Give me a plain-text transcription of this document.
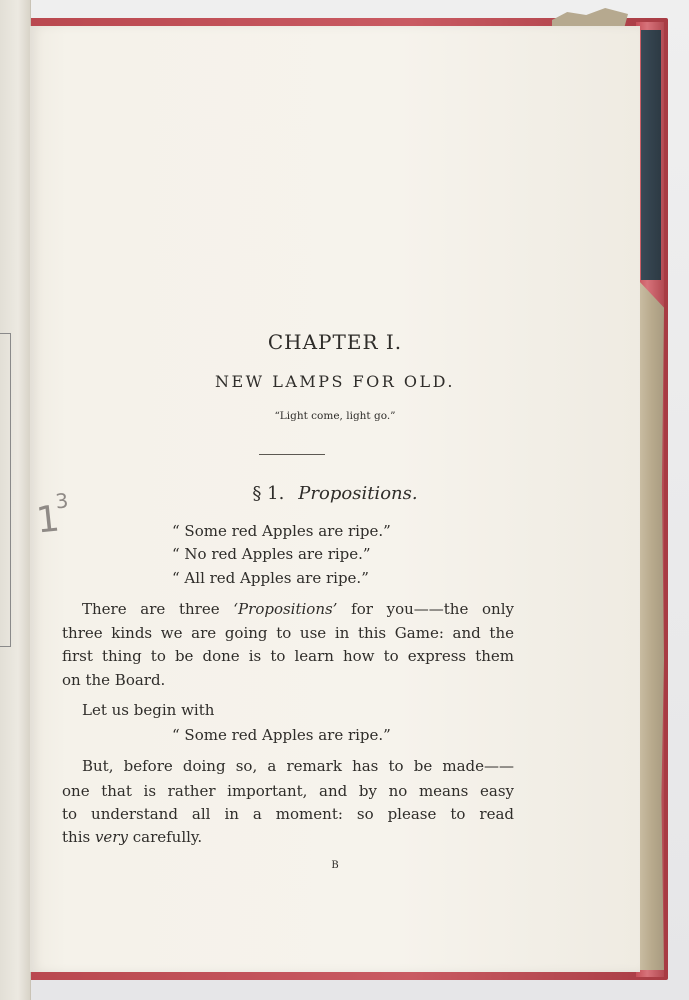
CHAPTER I.
NEW LAMPS FOR OLD.
“Light come, light go.”
§ 1. Propositions.
“ Some red Apples are ripe.”
“ No red Apples are ripe.”
“ All red Apples are ripe.”
There are three ‘Propositions’ for you——the only
three kinds we are going to use in this Game: and the
first thing to be done is to learn how to express them
on the Board.
Let us begin with
“ Some red Apples are ripe.”
But, before doing so, a remark has to be made——
one that is rather important, and by no means easy
to understand all in a moment: so please to read
this very carefully.
B
$1^3$
